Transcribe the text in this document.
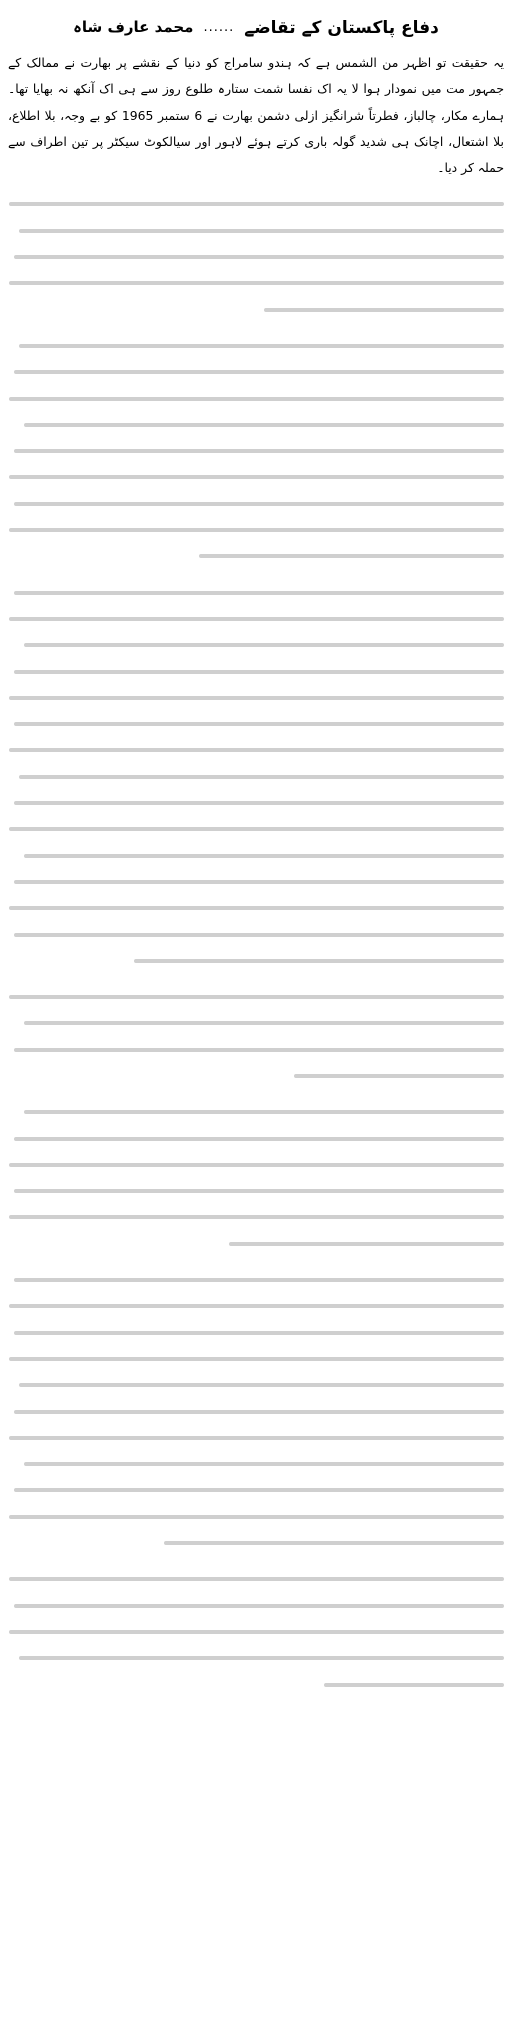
دفاع پاکستان کے تقاضے
......
محمد عارف شاہ

یہ حقیقت تو اظہر من الشمس ہے کہ ہندو سامراج کو دنیا کے نقشے پر بھارت نے ممالک کے جمہور مت میں نمودار ہوا لا یہ اک نفسا شمت ستارہ طلوع روز سے ہی اک آنکھ نہ بھایا تھا۔ ہمارے مکار، چالباز، فطرتاً شرانگیز ازلی دشمن بھارت نے 6 ستمبر 1965 کو بے وجہ، بلا اطلاع، بلا اشتعال، اچانک ہی شدید گولہ باری کرتے ہوئے لاہور اور سیالکوٹ سیکٹر پر تین اطراف سے حملہ کر دیا۔
